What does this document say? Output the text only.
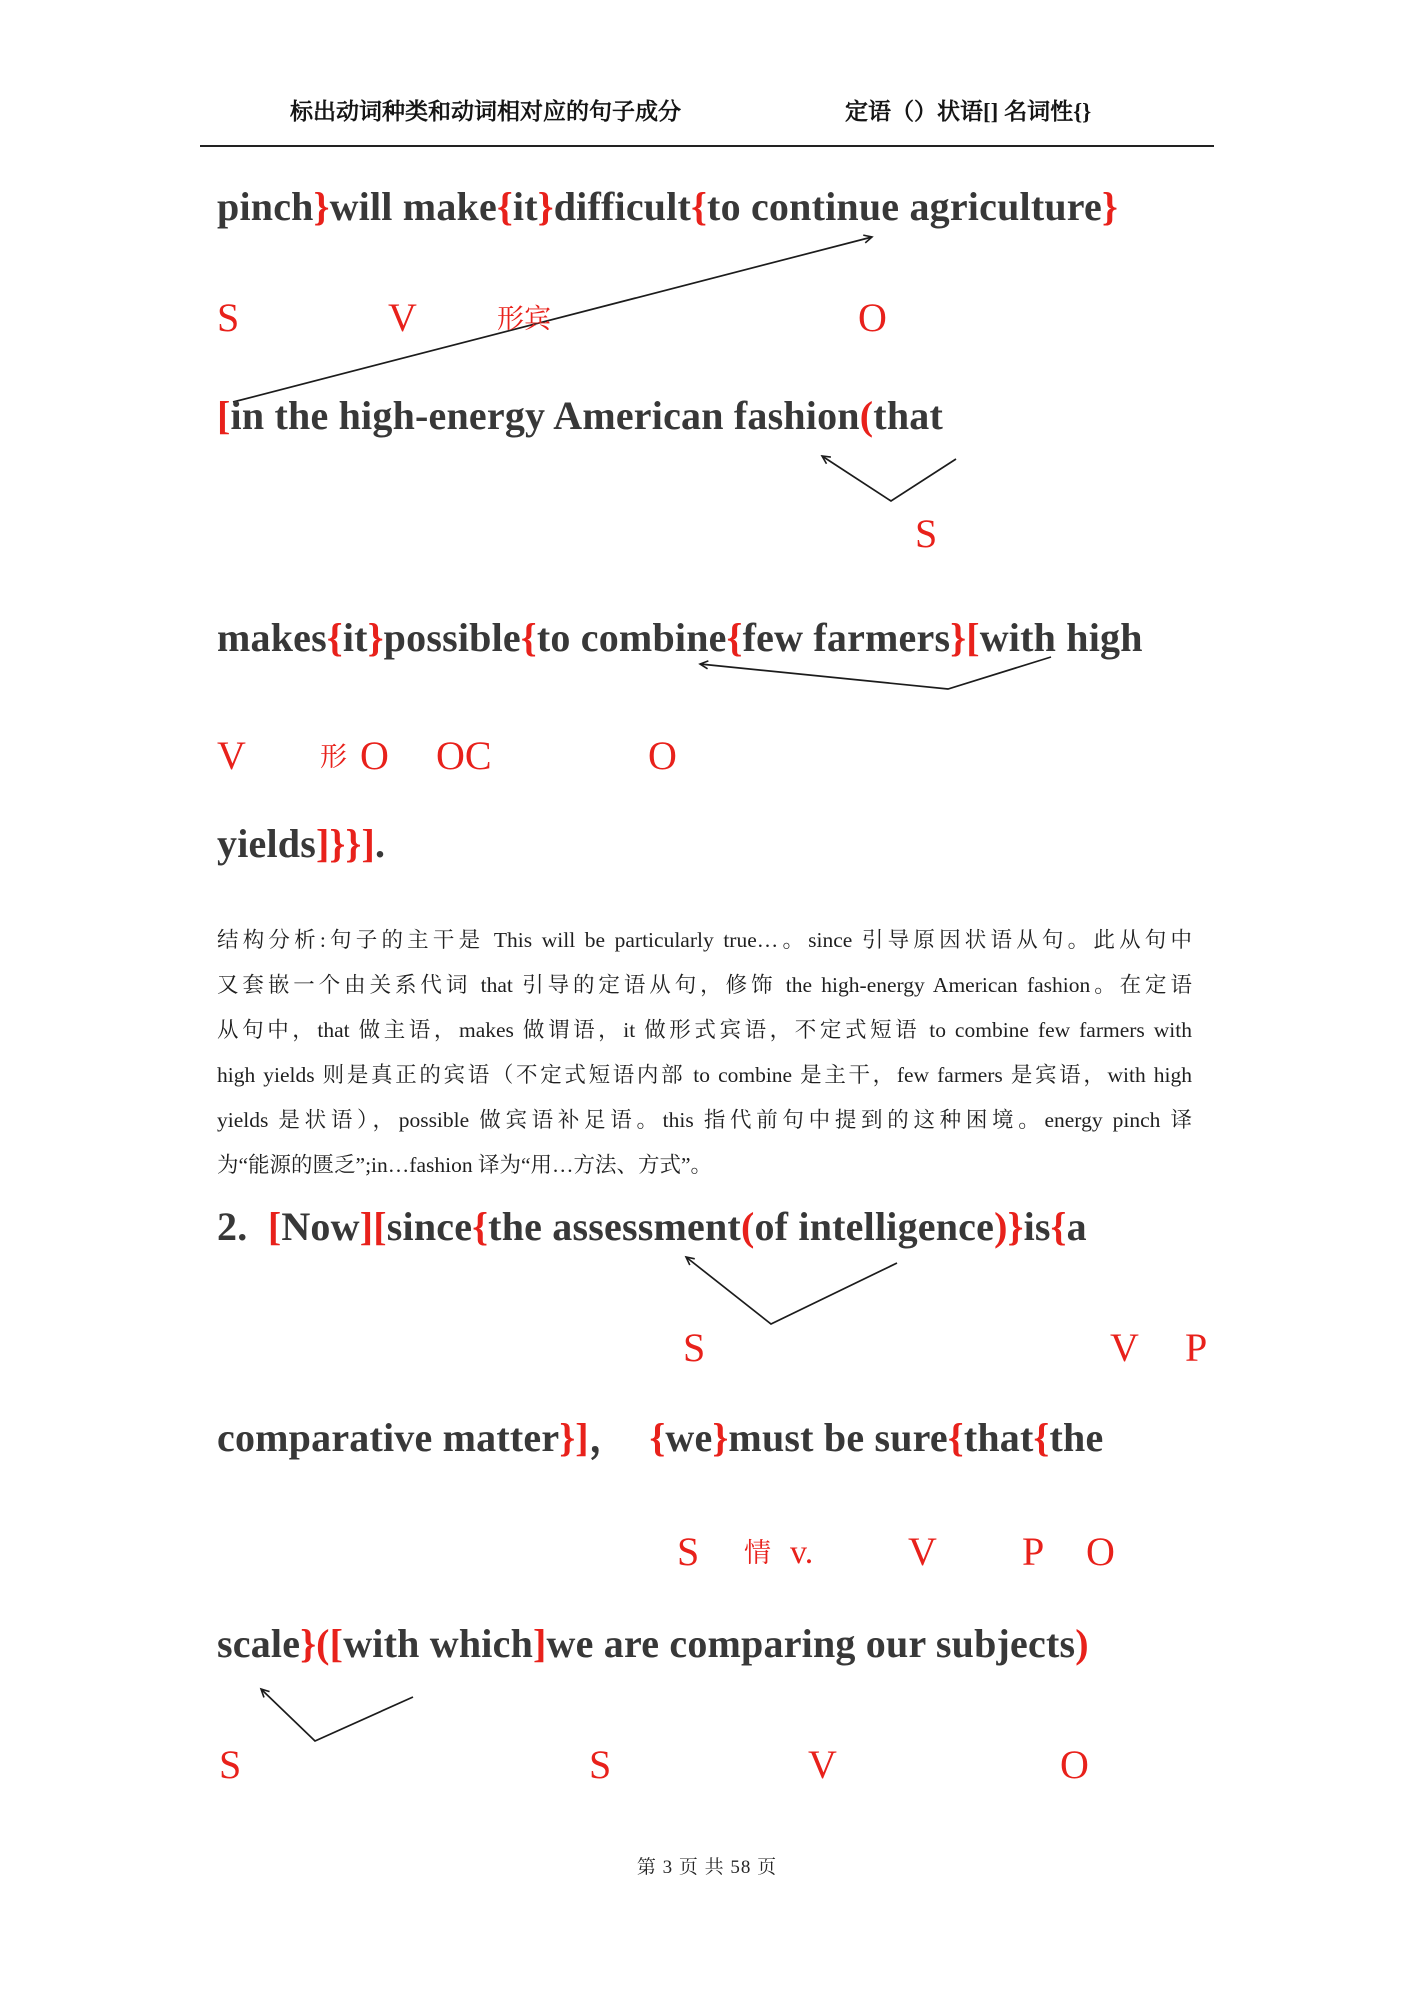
标出动词种类和动词相对应的句子成分	定语（）状语[] 名词性{}
pinch}will make{it}difficult{to continue agriculture}
[in the high-energy American fashion(that
makes{it}possible{to combine{few farmers}[with high
yields]}}].
2.  [Now][since{the assessment(of intelligence)}is{a
comparative matter}]，  {we}must be sure{that{the
scale}([with which]we are comparing our subjects)
S	V	形宾	O
S
V	形 O OC	O
S	V P
S 情 v. V P O
S	S	V	O
结构分析:句子的主干是 This will be particularly true…。since 引导原因状语从句。此从句中
又套嵌一个由关系代词 that 引导的定语从句，修饰 the high-energy American fashion。在定语
从句中，that 做主语，makes 做谓语，it 做形式宾语，不定式短语 to combine few farmers with
high yields 则是真正的宾语（不定式短语内部 to combine 是主干，few farmers 是宾语，with high
yields 是状语），possible 做宾语补足语。this 指代前句中提到的这种困境。energy pinch 译
为“能源的匮乏”;in…fashion 译为“用…方法、方式”。
第 3 页 共 58 页
